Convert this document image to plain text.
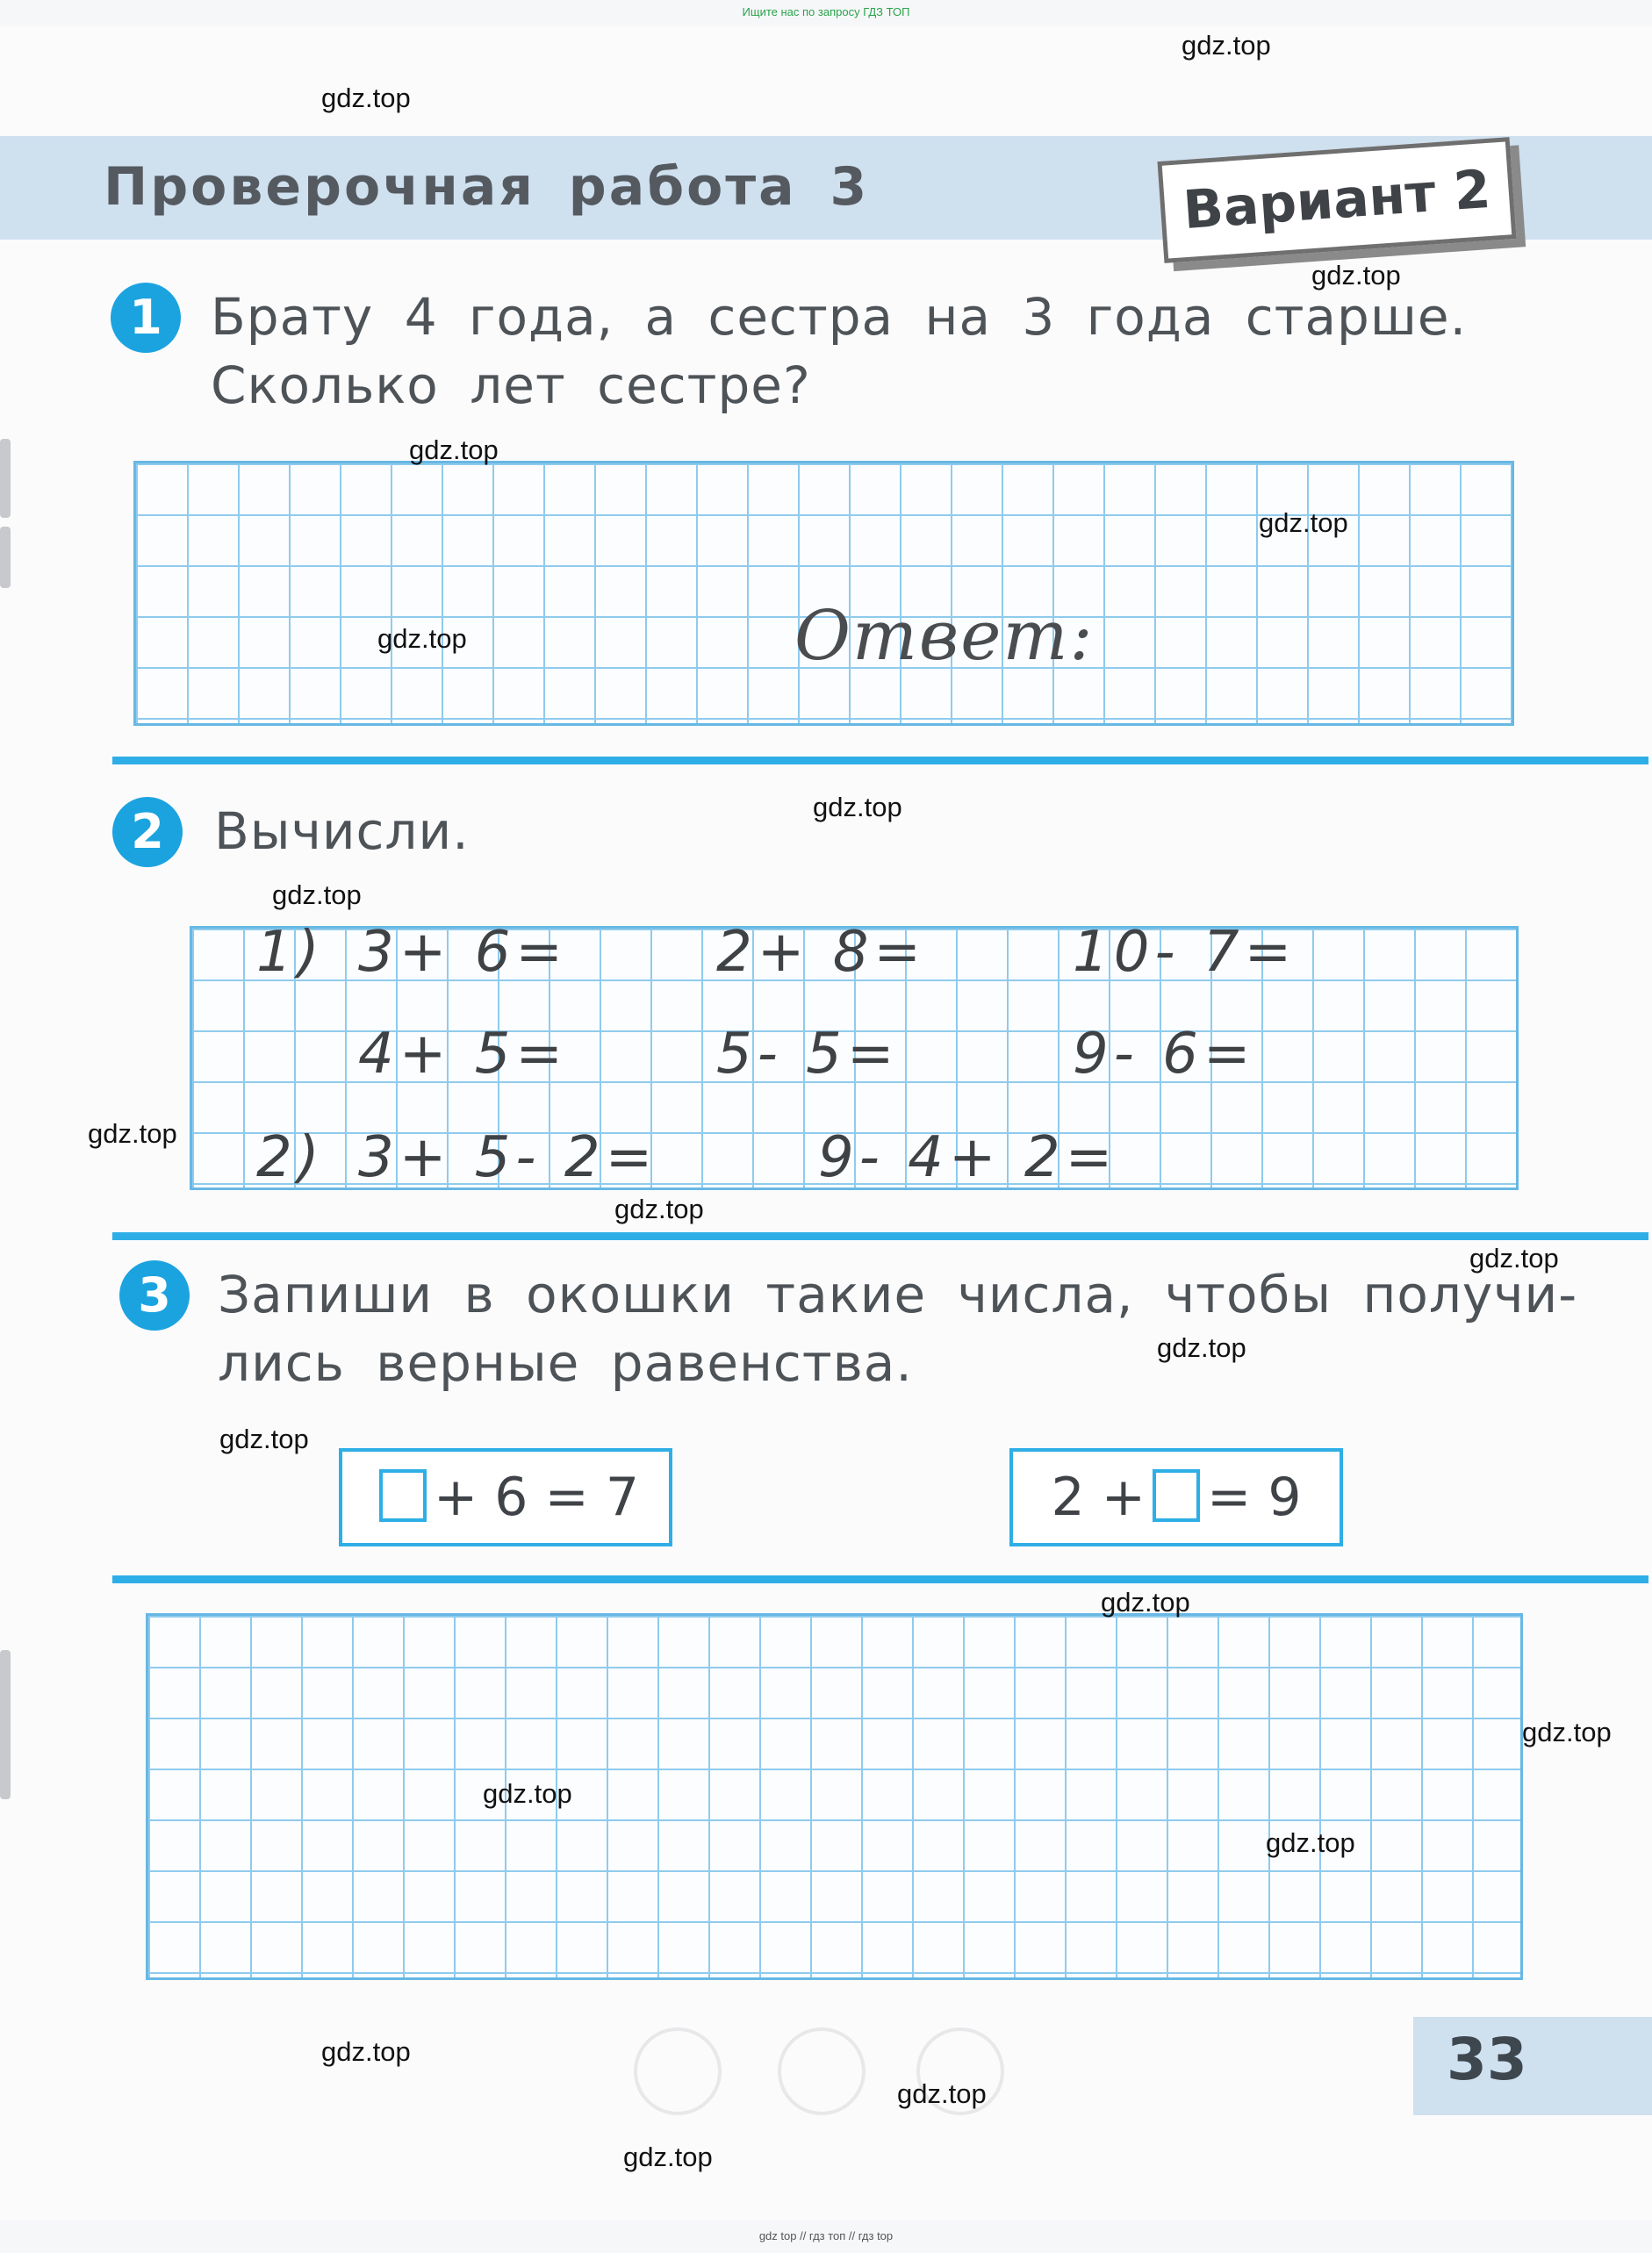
Ищите нас по запросу ГДЗ ТОП
Проверочная работа 3	Вариант 2
1 Брату 4 года, а сестра на 3 года старше.
Сколько лет сестре?
Ответ:
2 Вычисли.
1) 3+ 6=	2+ 8=	10- 7=
4+ 5=	5- 5=	9- 6=
2) 3+ 5- 2=	9- 4+ 2=
3 Запиши в окошки такие числа, чтобы получи-
лись верные равенства.
+ 6 = 7	2 + = 9
33
gdz.top
gdz.top
gdz.top
gdz.top
gdz.top
gdz.top
gdz.top
gdz.top
gdz.top
gdz.top
gdz.top
gdz.top
gdz.top
gdz.top
gdz.top
gdz.top
gdz.top
gdz.top
gdz.top
gdz.top
gdz top // гдз топ // гдз top
